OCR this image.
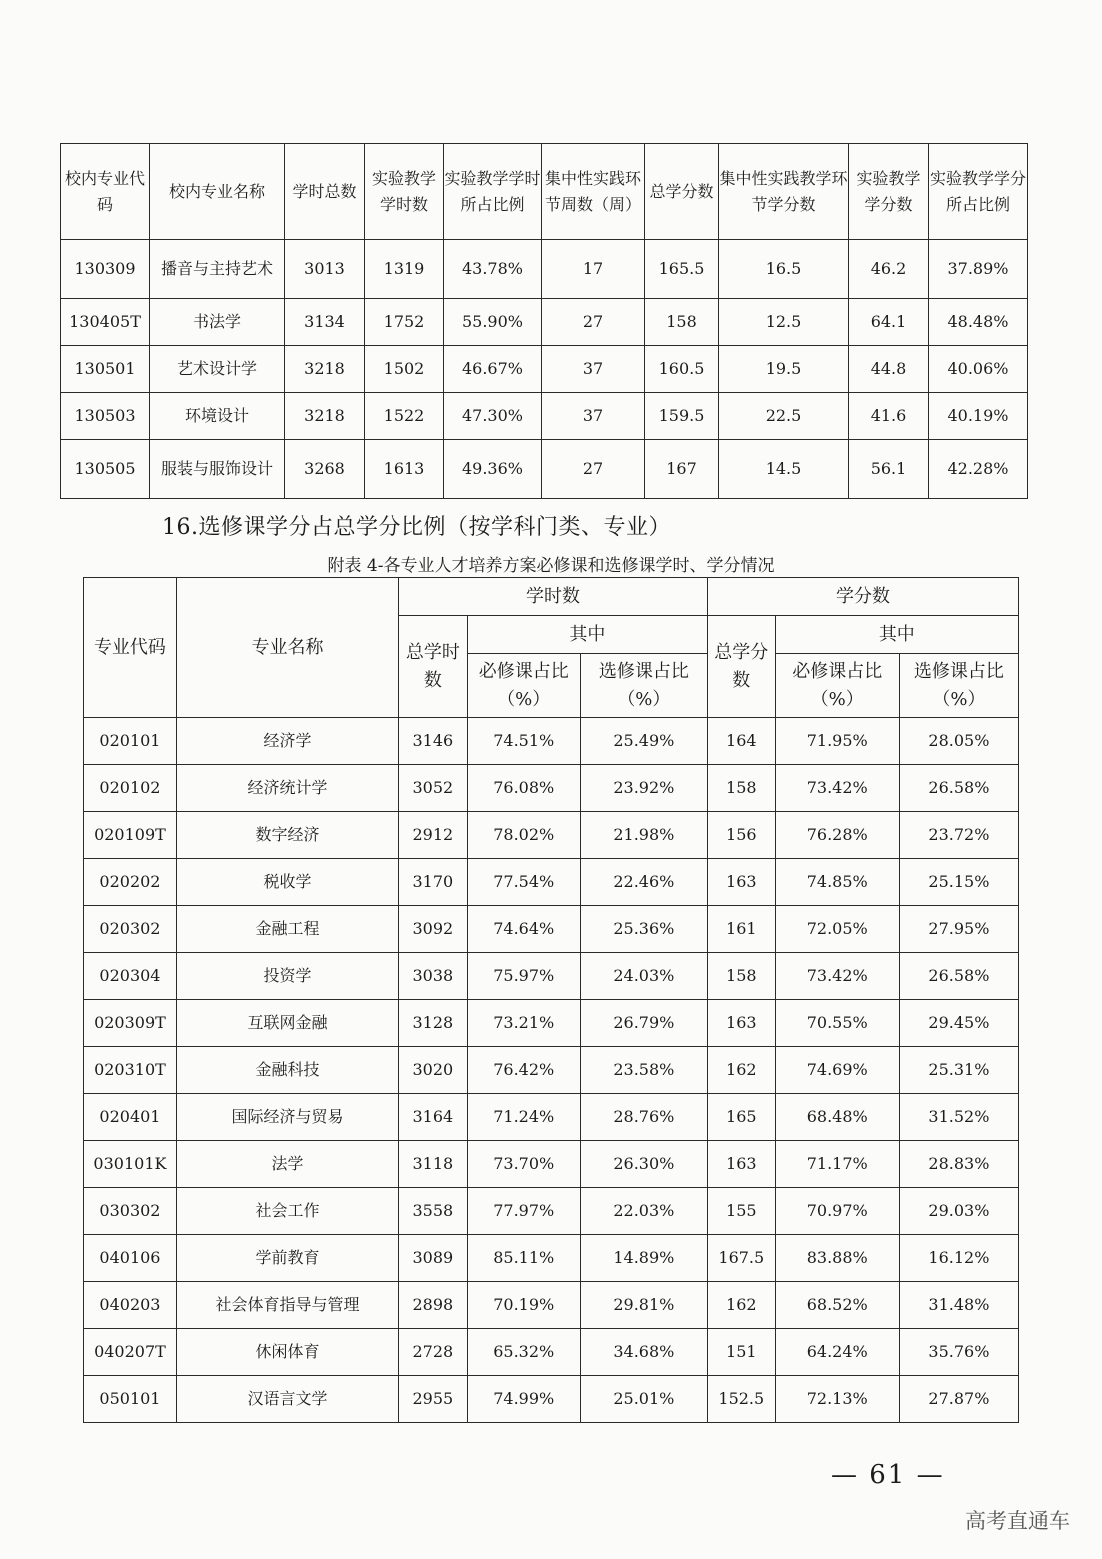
校内专业代码	校内专业名称	学时总数	实验教学学时数	实验教学学时所占比例	集中性实践环节周数（周）	总学分数	集中性实践教学环节学分数	实验教学学分数	实验教学学分所占比例
130309	播音与主持艺术	3013	1319	43.78%	17	165.5	16.5	46.2	37.89%
130405T	书法学	3134	1752	55.90%	27	158	12.5	64.1	48.48%
130501	艺术设计学	3218	1502	46.67%	37	160.5	19.5	44.8	40.06%
130503	环境设计	3218	1522	47.30%	37	159.5	22.5	41.6	40.19%
130505	服装与服饰设计	3268	1613	49.36%	27	167	14.5	56.1	42.28%
16.选修课学分占总学分比例（按学科门类、专业）
附表 4-各专业人才培养方案必修课和选修课学时、学分情况
专业代码	专业名称	学时数			学分数		
		总学时数	其中		总学分数	其中	
			必修课占比（%）	选修课占比（%）		必修课占比（%）	选修课占比（%）
020101	经济学	3146	74.51%	25.49%	164	71.95%	28.05%
020102	经济统计学	3052	76.08%	23.92%	158	73.42%	26.58%
020109T	数字经济	2912	78.02%	21.98%	156	76.28%	23.72%
020202	税收学	3170	77.54%	22.46%	163	74.85%	25.15%
020302	金融工程	3092	74.64%	25.36%	161	72.05%	27.95%
020304	投资学	3038	75.97%	24.03%	158	73.42%	26.58%
020309T	互联网金融	3128	73.21%	26.79%	163	70.55%	29.45%
020310T	金融科技	3020	76.42%	23.58%	162	74.69%	25.31%
020401	国际经济与贸易	3164	71.24%	28.76%	165	68.48%	31.52%
030101K	法学	3118	73.70%	26.30%	163	71.17%	28.83%
030302	社会工作	3558	77.97%	22.03%	155	70.97%	29.03%
040106	学前教育	3089	85.11%	14.89%	167.5	83.88%	16.12%
040203	社会体育指导与管理	2898	70.19%	29.81%	162	68.52%	31.48%
040207T	休闲体育	2728	65.32%	34.68%	151	64.24%	35.76%
050101	汉语言文学	2955	74.99%	25.01%	152.5	72.13%	27.87%
— 61 —
高考直通车
